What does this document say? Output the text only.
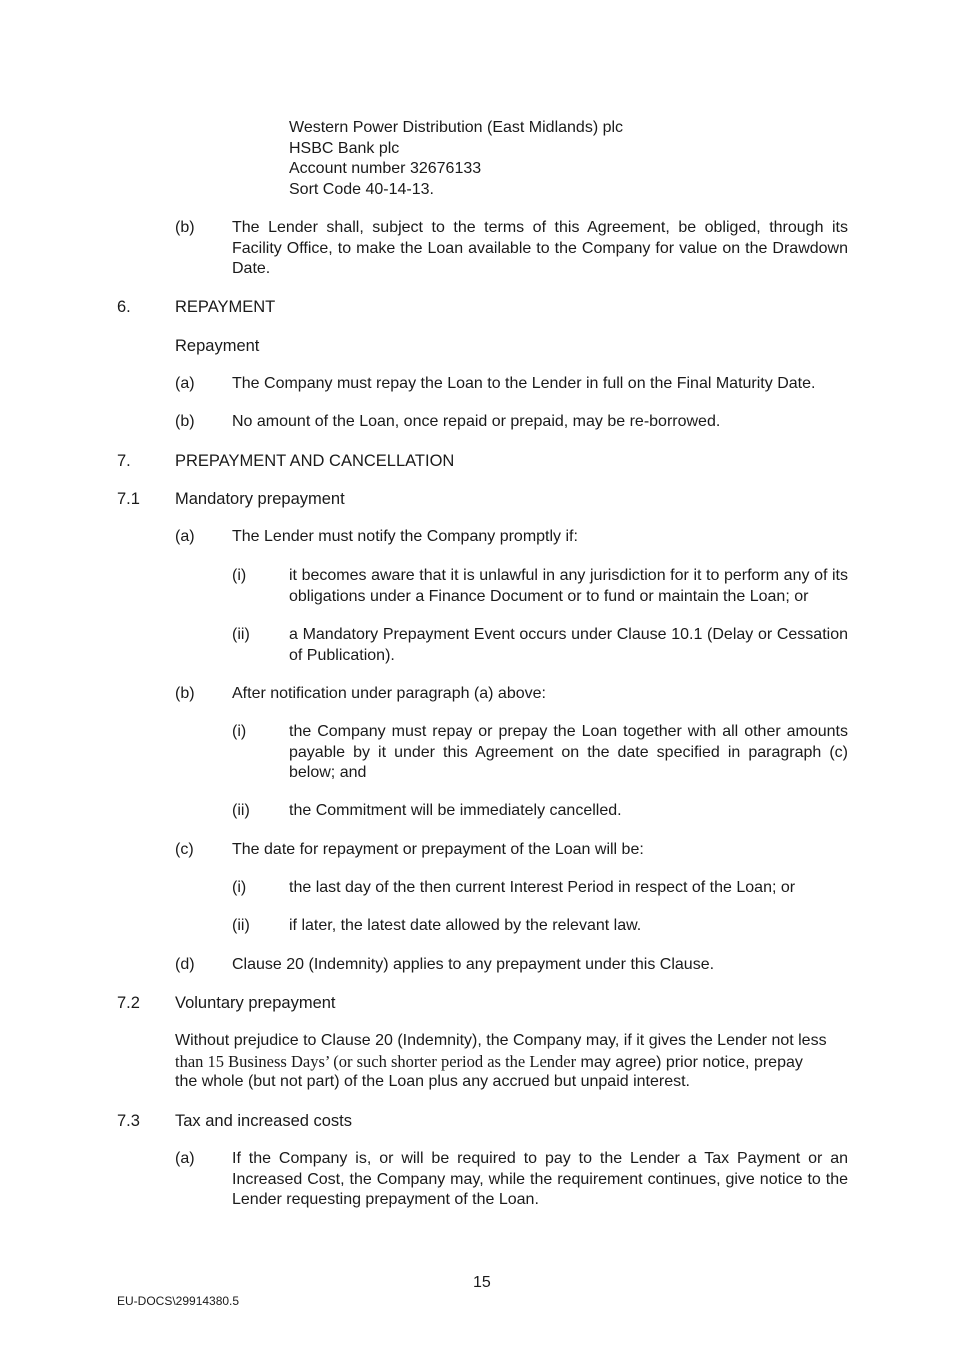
Western Power Distribution (East Midlands) plc
HSBC Bank plc
Account number 32676133
Sort Code 40-14-13.
(b) The Lender shall, subject to the terms of this Agreement, be obliged, through its Facility Office, to make the Loan available to the Company for value on the Drawdown Date.
6.	REPAYMENT
Repayment
(a) The Company must repay the Loan to the Lender in full on the Final Maturity Date.
(b) No amount of the Loan, once repaid or prepaid, may be re-borrowed.
7.	PREPAYMENT AND CANCELLATION
7.1 Mandatory prepayment
(a) The Lender must notify the Company promptly if:
(i)	it becomes aware that it is unlawful in any jurisdiction for it to perform any of its obligations under a Finance Document or to fund or maintain the Loan; or
(ii) a Mandatory Prepayment Event occurs under Clause 10.1 (Delay or Cessation of Publication).
(b) After notification under paragraph (a) above:
(i)	the Company must repay or prepay the Loan together with all other amounts payable by it under this Agreement on the date specified in paragraph (c) below; and
(ii) the Commitment will be immediately cancelled.
(c) The date for repayment or prepayment of the Loan will be:
(i)	the last day of the then current Interest Period in respect of the Loan; or
(ii) if later, the latest date allowed by the relevant law.
(d) Clause 20 (Indemnity) applies to any prepayment under this Clause.
7.2 Voluntary prepayment
Without prejudice to Clause 20 (Indemnity), the Company may, if it gives the Lender not less
than 15 Business Days’ (or such shorter period as the Lender may agree) prior notice, prepay
the whole (but not part) of the Loan plus any accrued but unpaid interest.
7.3 Tax and increased costs
(a) If the Company is, or will be required to pay to the Lender a Tax Payment or an Increased Cost, the Company may, while the requirement continues, give notice to the Lender requesting prepayment of the Loan.
15
EU-DOCS\29914380.5
